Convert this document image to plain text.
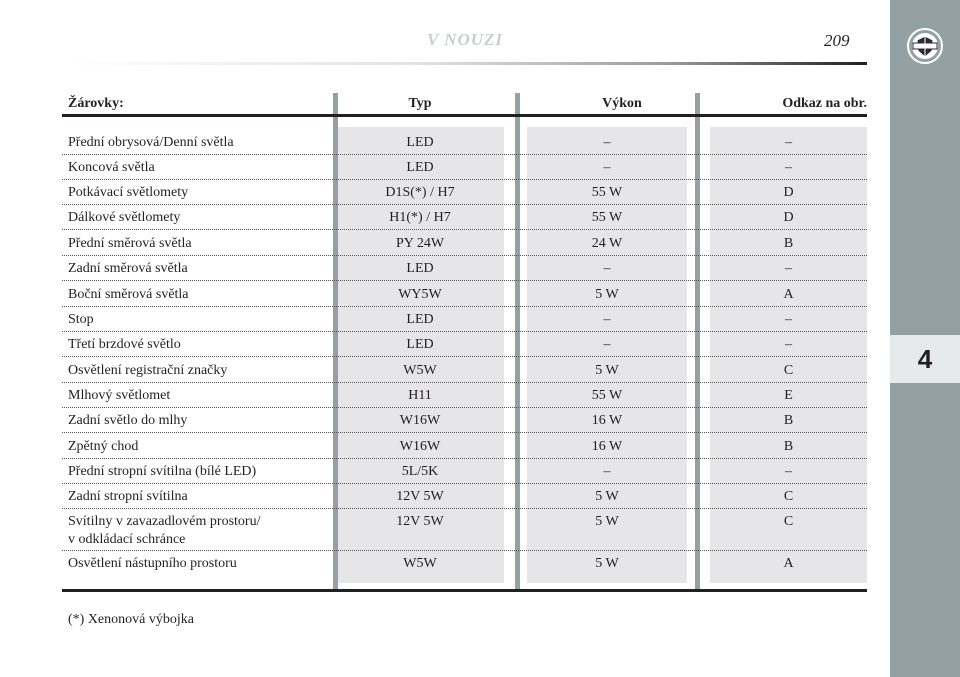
V NOUZI	209
4
Žárovky:	Typ	Výkon	Odkaz na obr.
Přední obrysová/Denní světla	LED	–	–
Koncová světla	LED	–	–
Potkávací světlomety	D1S(*) / H7	55 W	D
Dálkové světlomety	H1(*) / H7	55 W	D
Přední směrová světla	PY 24W	24 W	B
Zadní směrová světla	LED	–	–
Boční směrová světla	WY5W	5 W	A
Stop	LED	–	–
Třetí brzdové světlo	LED	–	–
Osvětlení registrační značky	W5W	5 W	C
Mlhový světlomet	H11	55 W	E
Zadní světlo do mlhy	W16W	16 W	B
Zpětný chod	W16W	16 W	B
Přední stropní svítilna (bílé LED)	5L/5K	–	–
Zadní stropní svítilna	12V 5W	5 W	C
Svítilny v zavazadlovém prostoru/
v odkládací schránce
12V 5W	5 W	C
Osvětlení nástupního prostoru	W5W	5 W	A
(*) Xenonová výbojka
